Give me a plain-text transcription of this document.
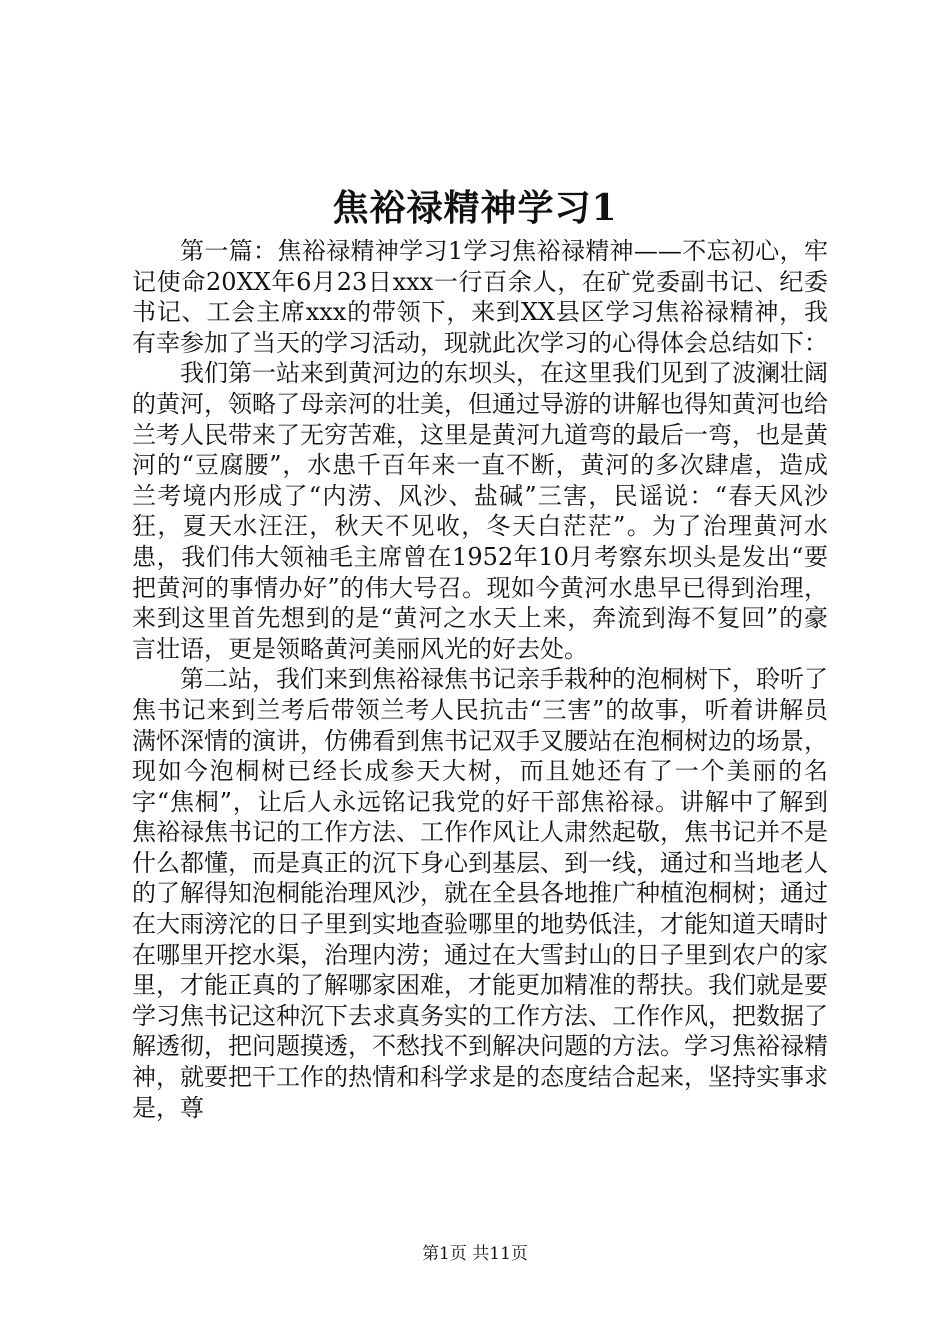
焦裕禄精神学习1

第一篇：焦裕禄精神学习1学习焦裕禄精神——不忘初心，牢记使命20XX年6月23日xxx一行百余人，在矿党委副书记、纪委书记、工会主席xxx的带领下，来到XX县区学习焦裕禄精神，我有幸参加了当天的学习活动，现就此次学习的心得体会总结如下：

我们第一站来到黄河边的东坝头，在这里我们见到了波澜壮阔的黄河，领略了母亲河的壮美，但通过导游的讲解也得知黄河也给兰考人民带来了无穷苦难，这里是黄河九道弯的最后一弯，也是黄河的“豆腐腰”，水患千百年来一直不断，黄河的多次肆虐，造成兰考境内形成了“内涝、风沙、盐碱”三害，民谣说：“春天风沙狂，夏天水汪汪，秋天不见收，冬天白茫茫”。为了治理黄河水患，我们伟大领袖毛主席曾在1952年10月考察东坝头是发出“要把黄河的事情办好”的伟大号召。现如今黄河水患早已得到治理，来到这里首先想到的是“黄河之水天上来，奔流到海不复回”的豪言壮语，更是领略黄河美丽风光的好去处。

第二站，我们来到焦裕禄焦书记亲手栽种的泡桐树下，聆听了焦书记来到兰考后带领兰考人民抗击“三害”的故事，听着讲解员满怀深情的演讲，仿佛看到焦书记双手叉腰站在泡桐树边的场景，现如今泡桐树已经长成参天大树，而且她还有了一个美丽的名字“焦桐”，让后人永远铭记我党的好干部焦裕禄。讲解中了解到焦裕禄焦书记的工作方法、工作作风让人肃然起敬，焦书记并不是什么都懂，而是真正的沉下身心到基层、到一线，通过和当地老人的了解得知泡桐能治理风沙，就在全县各地推广种植泡桐树；通过在大雨滂沱的日子里到实地查验哪里的地势低洼，才能知道天晴时在哪里开挖水渠，治理内涝；通过在大雪封山的日子里到农户的家里，才能正真的了解哪家困难，才能更加精准的帮扶。我们就是要学习焦书记这种沉下去求真务实的工作方法、工作作风，把数据了解透彻，把问题摸透，不愁找不到解决问题的方法。学习焦裕禄精神，就要把干工作的热情和科学求是的态度结合起来，坚持实事求是，尊

第1页 共11页
